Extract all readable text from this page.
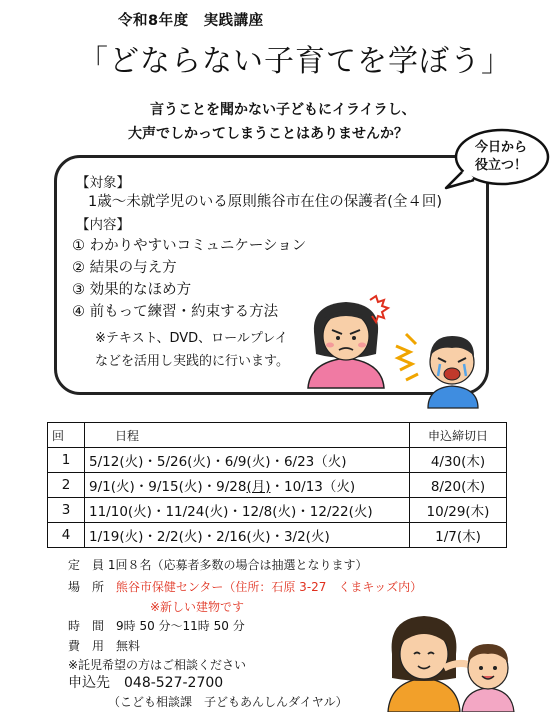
令和8年度　実践講座
「どならない子育てを学ぼう」
言うことを聞かない子どもにイライラし、
大声でしかってしまうことはありませんか？
今日から
役立つ！
【対象】
1歳～未就学児のいる原則熊谷市在住の保護者(全４回)
【内容】
① わかりやすいコミュニケーション
② 結果の与え方
③ 効果的なほめ方
④ 前もって練習・約束する方法
※テキスト、DVD、ロールプレイ
などを活用し実践的に行います。
回	日程	申込締切日
1	5/12(火)・5/26(火)・6/9(火)・6/23（火)	4/30(木)
2	9/1(火)・9/15(火)・9/28(月)・10/13（火)	8/20(木)
3	11/10(火)・11/24(火)・12/8(火)・12/22(火)	10/29(木)
4	1/19(火)・2/2(火)・2/16(火)・3/2(火)	1/7(木)
定　員 1回８名（応募者多数の場合は抽選となります）
場　所 熊谷市保健センター（住所：石原 3-27　くまキッズ内）
※新しい建物です
時　間　9時 50 分～11時 50 分
費　用　無料
※託児希望の方はご相談ください
申込先　048-527-2700
（こども相談課　子どもあんしんダイヤル）
